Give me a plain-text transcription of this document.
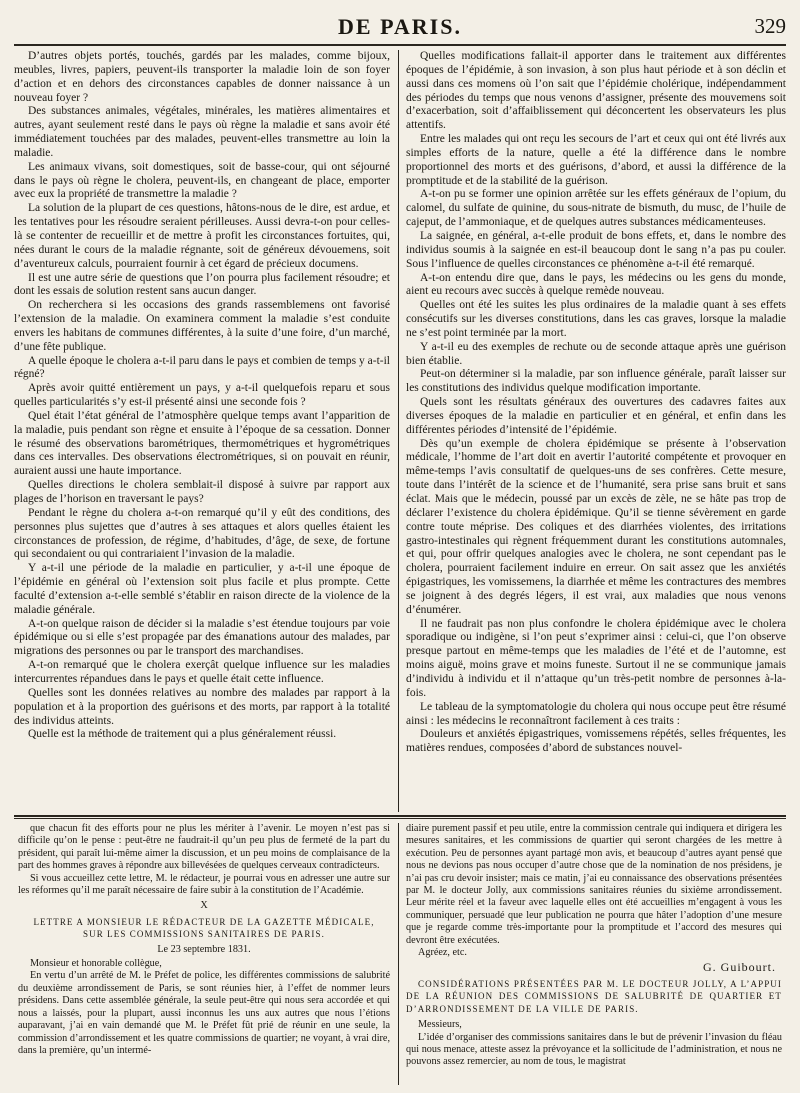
DE PARIS.	329

D’autres objets portés, touchés, gardés par les malades, comme bijoux, meubles, livres, papiers, peuvent-ils transporter la maladie loin de son foyer d’action et en dehors des circonstances capables de donner naissance à un nouveau foyer ?

Des substances animales, végétales, minérales, les matières alimentaires et autres, ayant seulement resté dans le pays où règne la maladie et sans avoir été immédiatement touchées par des malades, peuvent-elles transmettre au loin la maladie.

Les animaux vivans, soit domestiques, soit de basse-cour, qui ont séjourné dans le pays où règne le cholera, peuvent-ils, en changeant de place, emporter avec eux la propriété de transmettre la maladie ?

La solution de la plupart de ces questions, hâtons-nous de le dire, est ardue, et les tentatives pour les résoudre seraient périlleuses. Aussi devra-t-on pour celles-là se contenter de recueillir et de mettre à profit les circonstances fortuites, qui, nées durant le cours de la maladie régnante, soit de généreux dévouemens, soit d’aventureux calculs, pourraient fournir à cet égard de précieux documens.

Il est une autre série de questions que l’on pourra plus facilement résoudre; et dont les essais de solution restent sans aucun danger.

On recherchera si les occasions des grands rassemblemens ont favorisé l’extension de la maladie. On examinera comment la maladie s’est conduite envers les habitans de communes différentes, à la suite d’une foire, d’un marché, d’une fête publique.

A quelle époque le cholera a-t-il paru dans le pays et combien de temps y a-t-il régné?

Après avoir quitté entièrement un pays, y a-t-il quelquefois reparu et sous quelles particularités s’y est-il présenté ainsi une seconde fois ?

Quel était l’état général de l’atmosphère quelque temps avant l’apparition de la maladie, puis pendant son règne et ensuite à l’époque de sa cessation. Donner le résumé des observations barométriques, thermométriques et hygrométriques dans ces intervalles. Des observations électrométriques, si on pouvait en réunir, auraient aussi une haute importance.

Quelles directions le cholera semblait-il disposé à suivre par rapport aux plages de l’horison en traversant le pays?

Pendant le règne du cholera a-t-on remarqué qu’il y eût des conditions, des personnes plus sujettes que d’autres à ses attaques et alors quelles étaient les circonstances de profession, de régime, d’habitudes, d’âge, de sexe, de fortune qui secondaient ou qui contrariaient l’invasion de la maladie.

Y a-t-il une période de la maladie en particulier, y a-t-il une époque de l’épidémie en général où l’extension soit plus facile et plus prompte. Cette faculté d’extension a-t-elle semblé s’établir en raison directe de la violence de la maladie générale.

A-t-on quelque raison de décider si la maladie s’est étendue toujours par voie épidémique ou si elle s’est propagée par des émanations autour des malades, par migrations des personnes ou par le transport des marchandises.

A-t-on remarqué que le cholera exerçât quelque influence sur les maladies intercurrentes répandues dans le pays et quelle était cette influence.

Quelles sont les données relatives au nombre des malades par rapport à la population et à la proportion des guérisons et des morts, par rapport à la totalité des individus atteints.

Quelle est la méthode de traitement qui a plus généralement réussi.

Quelles modifications fallait-il apporter dans le traitement aux différentes époques de l’épidémie, à son invasion, à son plus haut période et à son déclin et aussi dans ces momens où l’on sait que l’épidémie cholérique, indépendamment des périodes du temps que nous venons d’assigner, présente des mouvemens soit d’exacerbation, soit d’affaiblissement qui déconcertent les observateurs les plus attentifs.

Entre les malades qui ont reçu les secours de l’art et ceux qui ont été livrés aux simples efforts de la nature, quelle a été la différence dans le nombre proportionnel des morts et des guérisons, d’abord, et aussi la différence de la promptitude et de la stabilité de la guérison.

A-t-on pu se former une opinion arrêtée sur les effets généraux de l’opium, du calomel, du sulfate de quinine, du sous-nitrate de bismuth, du musc, de l’huile de cajeput, de l’ammoniaque, et de quelques autres substances médicamenteuses.

La saignée, en général, a-t-elle produit de bons effets, et, dans le nombre des individus soumis à la saignée en est-il beaucoup dont le sang n’a pas pu couler. Sous l’influence de quelles circonstances ce phénomène a-t-il été remarqué.

A-t-on entendu dire que, dans le pays, les médecins ou les gens du monde, aient eu recours avec succès à quelque remède nouveau.

Quelles ont été les suites les plus ordinaires de la maladie quant à ses effets consécutifs sur les diverses constitutions, dans les cas graves, lorsque la maladie ne s’est point terminée par la mort.

Y a-t-il eu des exemples de rechute ou de seconde attaque après une guérison bien établie.

Peut-on déterminer si la maladie, par son influence générale, paraît laisser sur les constitutions des individus quelque modification importante.

Quels sont les résultats généraux des ouvertures des cadavres faites aux diverses époques de la maladie en particulier et en général, et enfin dans les différentes périodes d’intensité de l’épidémie.

Dès qu’un exemple de cholera épidémique se présente à l’observation médicale, l’homme de l’art doit en avertir l’autorité compétente et provoquer en même-temps l’avis consultatif de quelques-uns de ses confrères. Cette mesure, toute dans l’intérêt de la science et de l’humanité, sera prise sans bruit et sans éclat. Mais que le médecin, poussé par un excès de zèle, ne se hâte pas trop de déclarer l’existence du cholera épidémique. Qu’il se tienne sévèrement en garde contre toute méprise. Des coliques et des diarrhées violentes, des irritations gastro-intestinales qui règnent fréquemment durant les constitutions automnales, et qui, pour offrir quelques analogies avec le cholera, ne sont cependant pas le cholera, pourraient facilement induire en erreur. On sait assez que les anxiétés épigastriques, les vomissemens, la diarrhée et même les contractures des membres se joignent à des degrés légers, il est vrai, aux maladies que nous venons d’énumérer.

Il ne faudrait pas non plus confondre le cholera épidémique avec le cholera sporadique ou indigène, si l’on peut s’exprimer ainsi : celui-ci, que l’on observe presque partout en même-temps que les maladies de l’été et de l’automne, est moins aiguë, moins grave et moins funeste. Surtout il ne se communique jamais d’individu à individu et il n’attaque qu’un très-petit nombre de personnes à-la-fois.

Le tableau de la symptomatologie du cholera qui nous occupe peut être résumé ainsi : les médecins le reconnaîtront facilement à ces traits :

Douleurs et anxiétés épigastriques, vomissemens répétés, selles fréquentes, les matières rendues, composées d’abord de substances nouvel-

que chacun fit des efforts pour ne plus les mériter à l’avenir. Le moyen n’est pas si difficile qu’on le pense : peut-être ne faudrait-il qu’un peu plus de fermeté de la part du président, qui paraît lui-même aimer la discussion, et un peu moins de complaisance de la part des hommes graves à répondre aux billevésées de quelques cerveaux contradicteurs.

Si vous accueillez cette lettre, M. le rédacteur, je pourrai vous en adresser une autre sur les réformes qu’il me paraît nécessaire de faire subir à la constitution de l’Académie.

X

LETTRE A MONSIEUR LE RÉDACTEUR DE LA GAZETTE MÉDICALE,

SUR LES COMMISSIONS SANITAIRES DE PARIS.

Le 23 septembre 1831.

Monsieur et honorable collègue,

En vertu d’un arrêté de M. le Préfet de police, les différentes commissions de salubrité du deuxième arrondissement de Paris, se sont réunies hier, à l’effet de nommer leurs présidens. Dans cette assemblée générale, la seule peut-être qui nous sera accordée et qui nous a laissés, pour la plupart, aussi inconnus les uns aux autres que nous l’étions auparavant, j’ai en vain demandé que M. le Préfet fût prié de réunir en une seule, la commission d’arrondissement et les quatre commissions de quartier; ne voyant, à vrai dire, dans la première, qu’un intermé-

diaire purement passif et peu utile, entre la commission centrale qui indiquera et dirigera les mesures sanitaires, et les commissions de quartier qui seront chargées de les mettre à exécution. Peu de personnes ayant partagé mon avis, et beaucoup d’autres ayant pensé que nous ne devions pas nous occuper d’autre chose que de la nomination de nos présidens, je n’ai pas cru devoir insister; mais ce matin, j’ai eu connaissance des observations présentées par M. le docteur Jolly, aux commissions sanitaires réunies du sixième arrondissement. Leur mérite réel et la faveur avec laquelle elles ont été accueillies m’engagent à vous les communiquer, persuadé que leur publication ne pourra que hâter l’adoption d’une mesure que je regarde comme très-importante pour la promptitude et l’accord des mesures qui devront être exécutées.

Agréez, etc.

G. Guibourt.

CONSIDÉRATIONS PRÉSENTÉES PAR M. LE DOCTEUR JOLLY, A L’APPUI DE LA RÉUNION DES COMMISSIONS DE SALUBRITÉ DE QUARTIER ET D’ARRONDISSEMENT DE LA VILLE DE PARIS.

Messieurs,

L’idée d’organiser des commissions sanitaires dans le but de prévenir l’invasion du fléau qui nous menace, atteste assez la prévoyance et la sollicitude de l’administration, et nous ne pouvons assez remercier, au nom de tous, le magistrat
